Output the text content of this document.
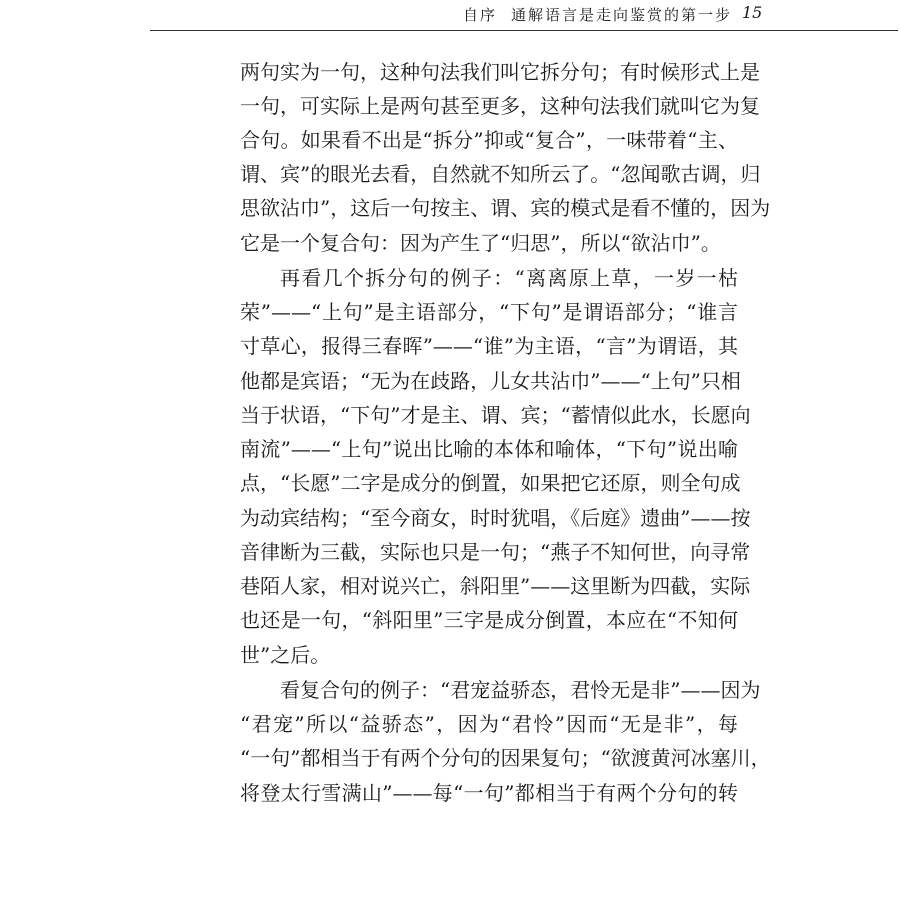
自序 通解语言是走向鉴赏的第一步 15
两句实为一句，这种句法我们叫它拆分句；有时候形式上是
一句，可实际上是两句甚至更多，这种句法我们就叫它为复
合句。如果看不出是“拆分”抑或“复合”，一味带着“主、
谓、宾”的眼光去看，自然就不知所云了。“忽闻歌古调，归
思欲沾巾”，这后一句按主、谓、宾的模式是看不懂的，因为
它是一个复合句：因为产生了“归思”，所以“欲沾巾”。
再看几个拆分句的例子：“离离原上草，一岁一枯
荣”——“上句”是主语部分，“下句”是谓语部分；“谁言
寸草心，报得三春晖”——“谁”为主语，“言”为谓语，其
他都是宾语；“无为在歧路，儿女共沾巾”——“上句”只相
当于状语，“下句”才是主、谓、宾；“蓄情似此水，长愿向
南流”——“上句”说出比喻的本体和喻体，“下句”说出喻
点，“长愿”二字是成分的倒置，如果把它还原，则全句成
为动宾结构；“至今商女，时时犹唱，《后庭》遗曲”——按
音律断为三截，实际也只是一句；“燕子不知何世，向寻常
巷陌人家，相对说兴亡，斜阳里”——这里断为四截，实际
也还是一句，“斜阳里”三字是成分倒置，本应在“不知何
世”之后。
看复合句的例子：“君宠益骄态，君怜无是非”——因为
“君宠”所以“益骄态”，因为“君怜”因而“无是非”，每
“一句”都相当于有两个分句的因果复句；“欲渡黄河冰塞川，
将登太行雪满山”——每“一句”都相当于有两个分句的转
